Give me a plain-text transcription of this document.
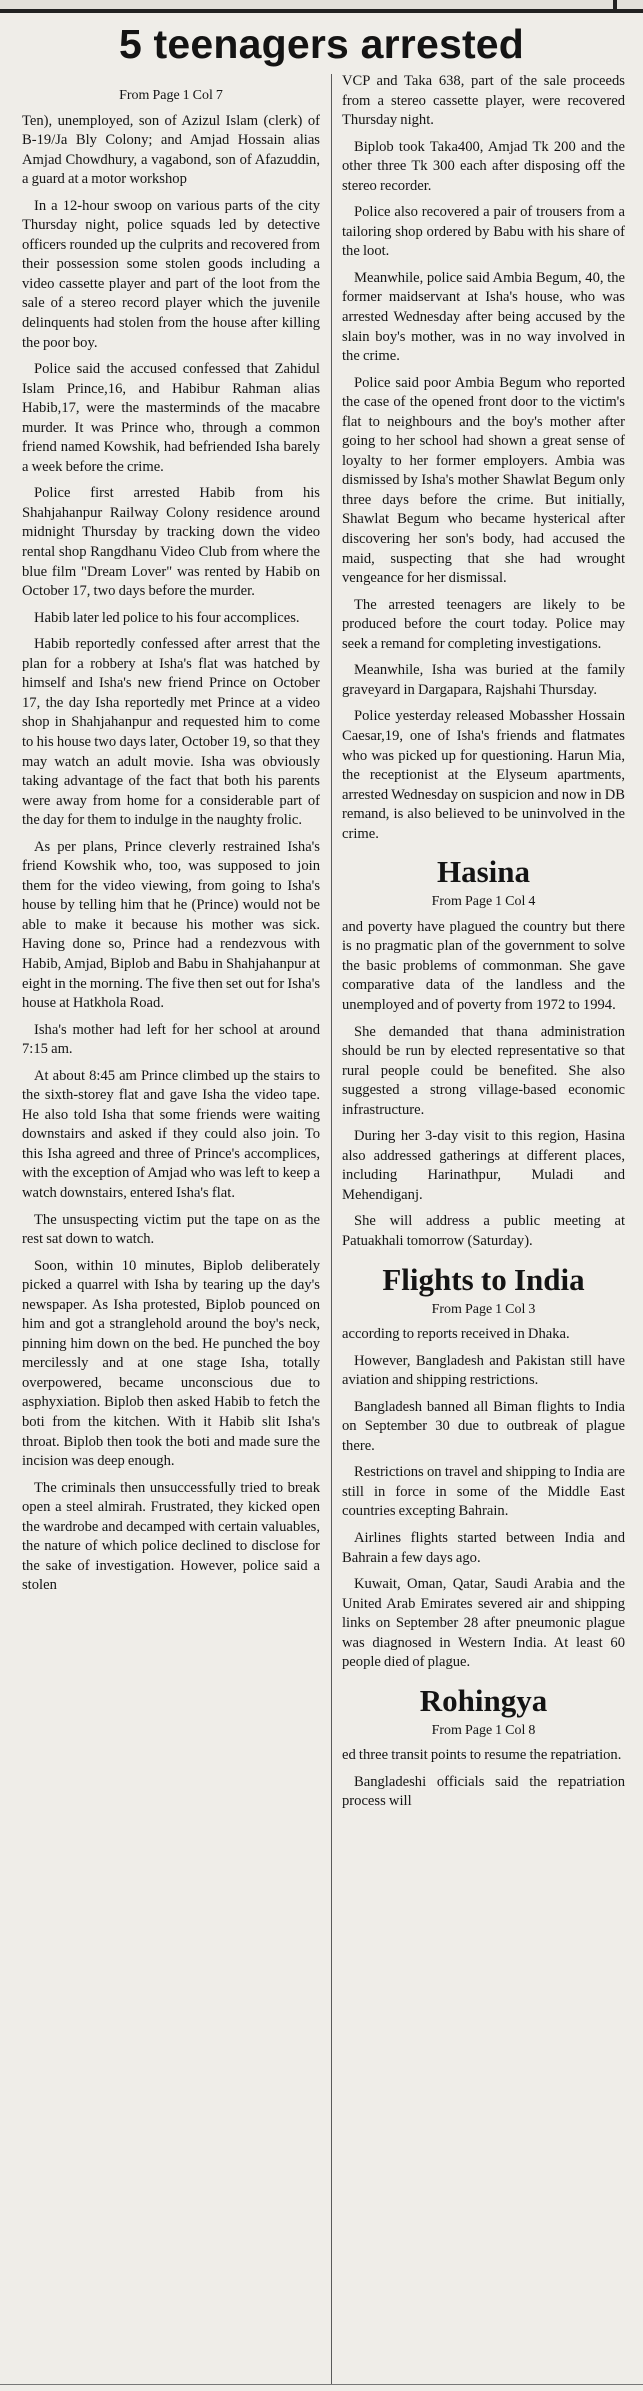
5 teenagers arrested
From Page 1 Col 7

Ten), unemployed, son of Azizul Islam (clerk) of B-19/Ja Bly Colony; and Amjad Hossain alias Amjad Chowdhury, a vagabond, son of Afazuddin, a guard at a motor workshop

In a 12-hour swoop on various parts of the city Thursday night, police squads led by detective officers rounded up the culprits and recovered from their possession some stolen goods including a video cassette player and part of the loot from the sale of a stereo record player which the juvenile delinquents had stolen from the house after killing the poor boy.

Police said the accused confessed that Zahidul Islam Prince,16, and Habibur Rahman alias Habib,17, were the masterminds of the macabre murder. It was Prince who, through a common friend named Kowshik, had befriended Isha barely a week before the crime.

Police first arrested Habib from his Shahjahanpur Railway Colony residence around midnight Thursday by tracking down the video rental shop Rangdhanu Video Club from where the blue film "Dream Lover" was rented by Habib on October 17, two days before the murder.

Habib later led police to his four accomplices.

Habib reportedly confessed after arrest that the plan for a robbery at Isha's flat was hatched by himself and Isha's new friend Prince on October 17, the day Isha reportedly met Prince at a video shop in Shahjahanpur and requested him to come to his house two days later, October 19, so that they may watch an adult movie. Isha was obviously taking advantage of the fact that both his parents were away from home for a considerable part of the day for them to indulge in the naughty frolic.

As per plans, Prince cleverly restrained Isha's friend Kowshik who, too, was supposed to join them for the video viewing, from going to Isha's house by telling him that he (Prince) would not be able to make it because his mother was sick. Having done so, Prince had a rendezvous with Habib, Amjad, Biplob and Babu in Shahjahanpur at eight in the morning. The five then set out for Isha's house at Hatkhola Road.

Isha's mother had left for her school at around 7:15 am.

At about 8:45 am Prince climbed up the stairs to the sixth-storey flat and gave Isha the video tape. He also told Isha that some friends were waiting downstairs and asked if they could also join. To this Isha agreed and three of Prince's accomplices, with the exception of Amjad who was left to keep a watch downstairs, entered Isha's flat.

The unsuspecting victim put the tape on as the rest sat down to watch.

Soon, within 10 minutes, Biplob deliberately picked a quarrel with Isha by tearing up the day's newspaper. As Isha protested, Biplob pounced on him and got a stranglehold around the boy's neck, pinning him down on the bed. He punched the boy mercilessly and at one stage Isha, totally overpowered, became unconscious due to asphyxiation. Biplob then asked Habib to fetch the boti from the kitchen. With it Habib slit Isha's throat. Biplob then took the boti and made sure the incision was deep enough.

The criminals then unsuccessfully tried to break open a steel almirah. Frustrated, they kicked open the wardrobe and decamped with certain valuables, the nature of which police declined to disclose for the sake of investigation. However, police said a stolen

VCP and Taka 638, part of the sale proceeds from a stereo cassette player, were recovered Thursday night.

Biplob took Taka400, Amjad Tk 200 and the other three Tk 300 each after disposing off the stereo recorder.

Police also recovered a pair of trousers from a tailoring shop ordered by Babu with his share of the loot.

Meanwhile, police said Ambia Begum, 40, the former maidservant at Isha's house, who was arrested Wednesday after being accused by the slain boy's mother, was in no way involved in the crime.

Police said poor Ambia Begum who reported the case of the opened front door to the victim's flat to neighbours and the boy's mother after going to her school had shown a great sense of loyalty to her former employers. Ambia was dismissed by Isha's mother Shawlat Begum only three days before the crime. But initially, Shawlat Begum who became hysterical after discovering her son's body, had accused the maid, suspecting that she had wrought vengeance for her dismissal.

The arrested teenagers are likely to be produced before the court today. Police may seek a remand for completing investigations.

Meanwhile, Isha was buried at the family graveyard in Dargapara, Rajshahi Thursday.

Police yesterday released Mobassher Hossain Caesar,19, one of Isha's friends and flatmates who was picked up for questioning. Harun Mia, the receptionist at the Elyseum apartments, arrested Wednesday on suspicion and now in DB remand, is also believed to be uninvolved in the crime.

Hasina
From Page 1 Col 4

and poverty have plagued the country but there is no pragmatic plan of the government to solve the basic problems of commonman. She gave comparative data of the landless and the unemployed and of poverty from 1972 to 1994.

She demanded that thana administration should be run by elected representative so that rural people could be benefited. She also suggested a strong village-based economic infrastructure.

During her 3-day visit to this region, Hasina also addressed gatherings at different places, including Harinathpur, Muladi and Mehendiganj.

She will address a public meeting at Patuakhali tomorrow (Saturday).

Flights to India
From Page 1 Col 3

according to reports received in Dhaka.

However, Bangladesh and Pakistan still have aviation and shipping restrictions.

Bangladesh banned all Biman flights to India on September 30 due to outbreak of plague there.

Restrictions on travel and shipping to India are still in force in some of the Middle East countries excepting Bahrain.

Airlines flights started between India and Bahrain a few days ago.

Kuwait, Oman, Qatar, Saudi Arabia and the United Arab Emirates severed air and shipping links on September 28 after pneumonic plague was diagnosed in Western India. At least 60 people died of plague.

Rohingya
From Page 1 Col 8

ed three transit points to resume the repatriation.

Bangladeshi officials said the repatriation process will
